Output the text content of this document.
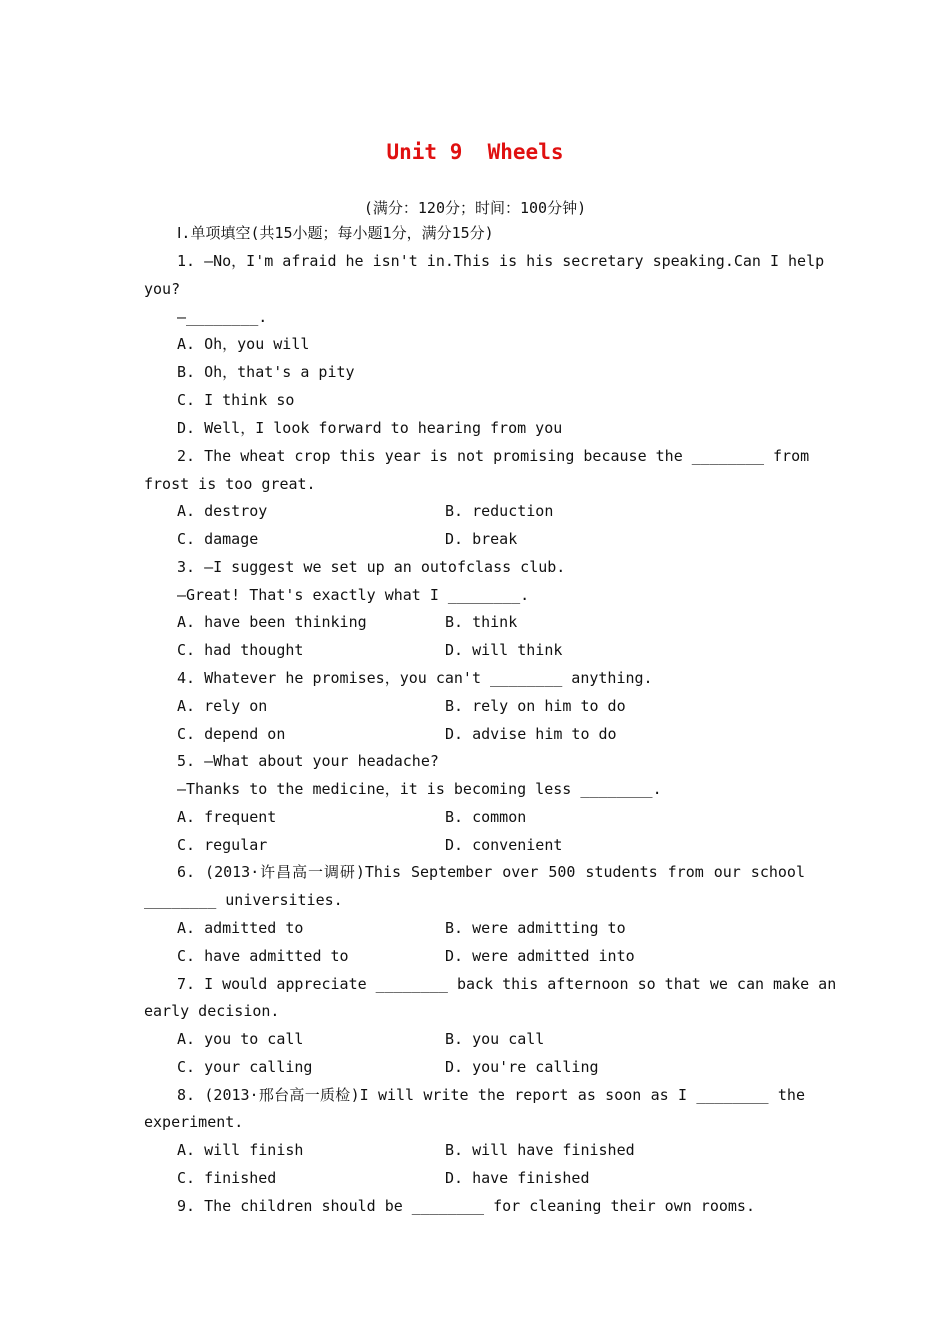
Unit 9  Wheels
(满分：120分；时间：100分钟)
Ⅰ.单项填空(共15小题；每小题1分，满分15分)
1. —No，I'm afraid he isn't in.This is his secretary speaking.Can I help
you?
—________.
A. Oh，you will
B. Oh，that's a pity
C. I think so
D. Well，I look forward to hearing from you
2. The wheat crop this year is not promising because the ________ from
frost is too great.
A. destroy	B. reduction
C. damage	D. break
3. —I suggest we set up an outofclass club.
—Great! That's exactly what I ________.
A. have been thinking	B. think
C. had thought	D. will think
4. Whatever he promises，you can't ________ anything.
A. rely on	B. rely on him to do
C. depend on	D. advise him to do
5. —What about your headache?
—Thanks to the medicine，it is becoming less ________.
A. frequent	B. common
C. regular	D. convenient
6. (2013·许昌高一调研)This September over 500 students from our school
________ universities.
A. admitted to	B. were admitting to
C. have admitted to	D. were admitted into
7. I would appreciate ________ back this afternoon so that we can make an
early decision.
A. you to call	B. you call
C. your calling	D. you're calling
8. (2013·邢台高一质检)I will write the report as soon as I ________ the
experiment.
A. will finish	B. will have finished
C. finished	D. have finished
9. The children should be ________ for cleaning their own rooms.
